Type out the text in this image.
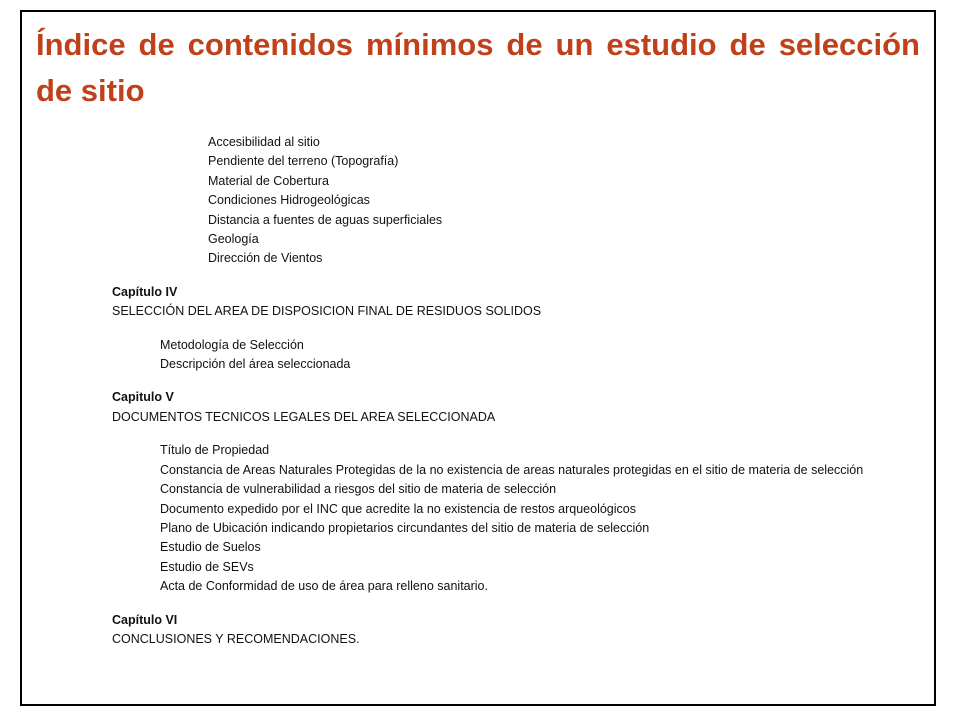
Índice de contenidos mínimos de un estudio de selección de sitio
Accesibilidad al sitio
Pendiente del terreno (Topografía)
Material de Cobertura
Condiciones Hidrogeológicas
Distancia a fuentes de aguas superficiales
Geología
Dirección de Vientos
Capítulo IV
SELECCIÓN DEL AREA DE DISPOSICION FINAL DE RESIDUOS SOLIDOS
Metodología de Selección
Descripción del área seleccionada
Capitulo V
DOCUMENTOS TECNICOS LEGALES DEL AREA SELECCIONADA
Título de Propiedad
Constancia de Areas Naturales Protegidas de la no existencia de areas naturales protegidas en el sitio de materia de selección
Constancia de vulnerabilidad a riesgos del sitio de materia de selección
Documento expedido por el INC que acredite la no existencia de restos arqueológicos
Plano de Ubicación indicando propietarios circundantes del sitio de materia de selección
Estudio de Suelos
Estudio de SEVs
Acta de Conformidad de uso de área para relleno sanitario.
Capítulo VI
CONCLUSIONES Y RECOMENDACIONES.
